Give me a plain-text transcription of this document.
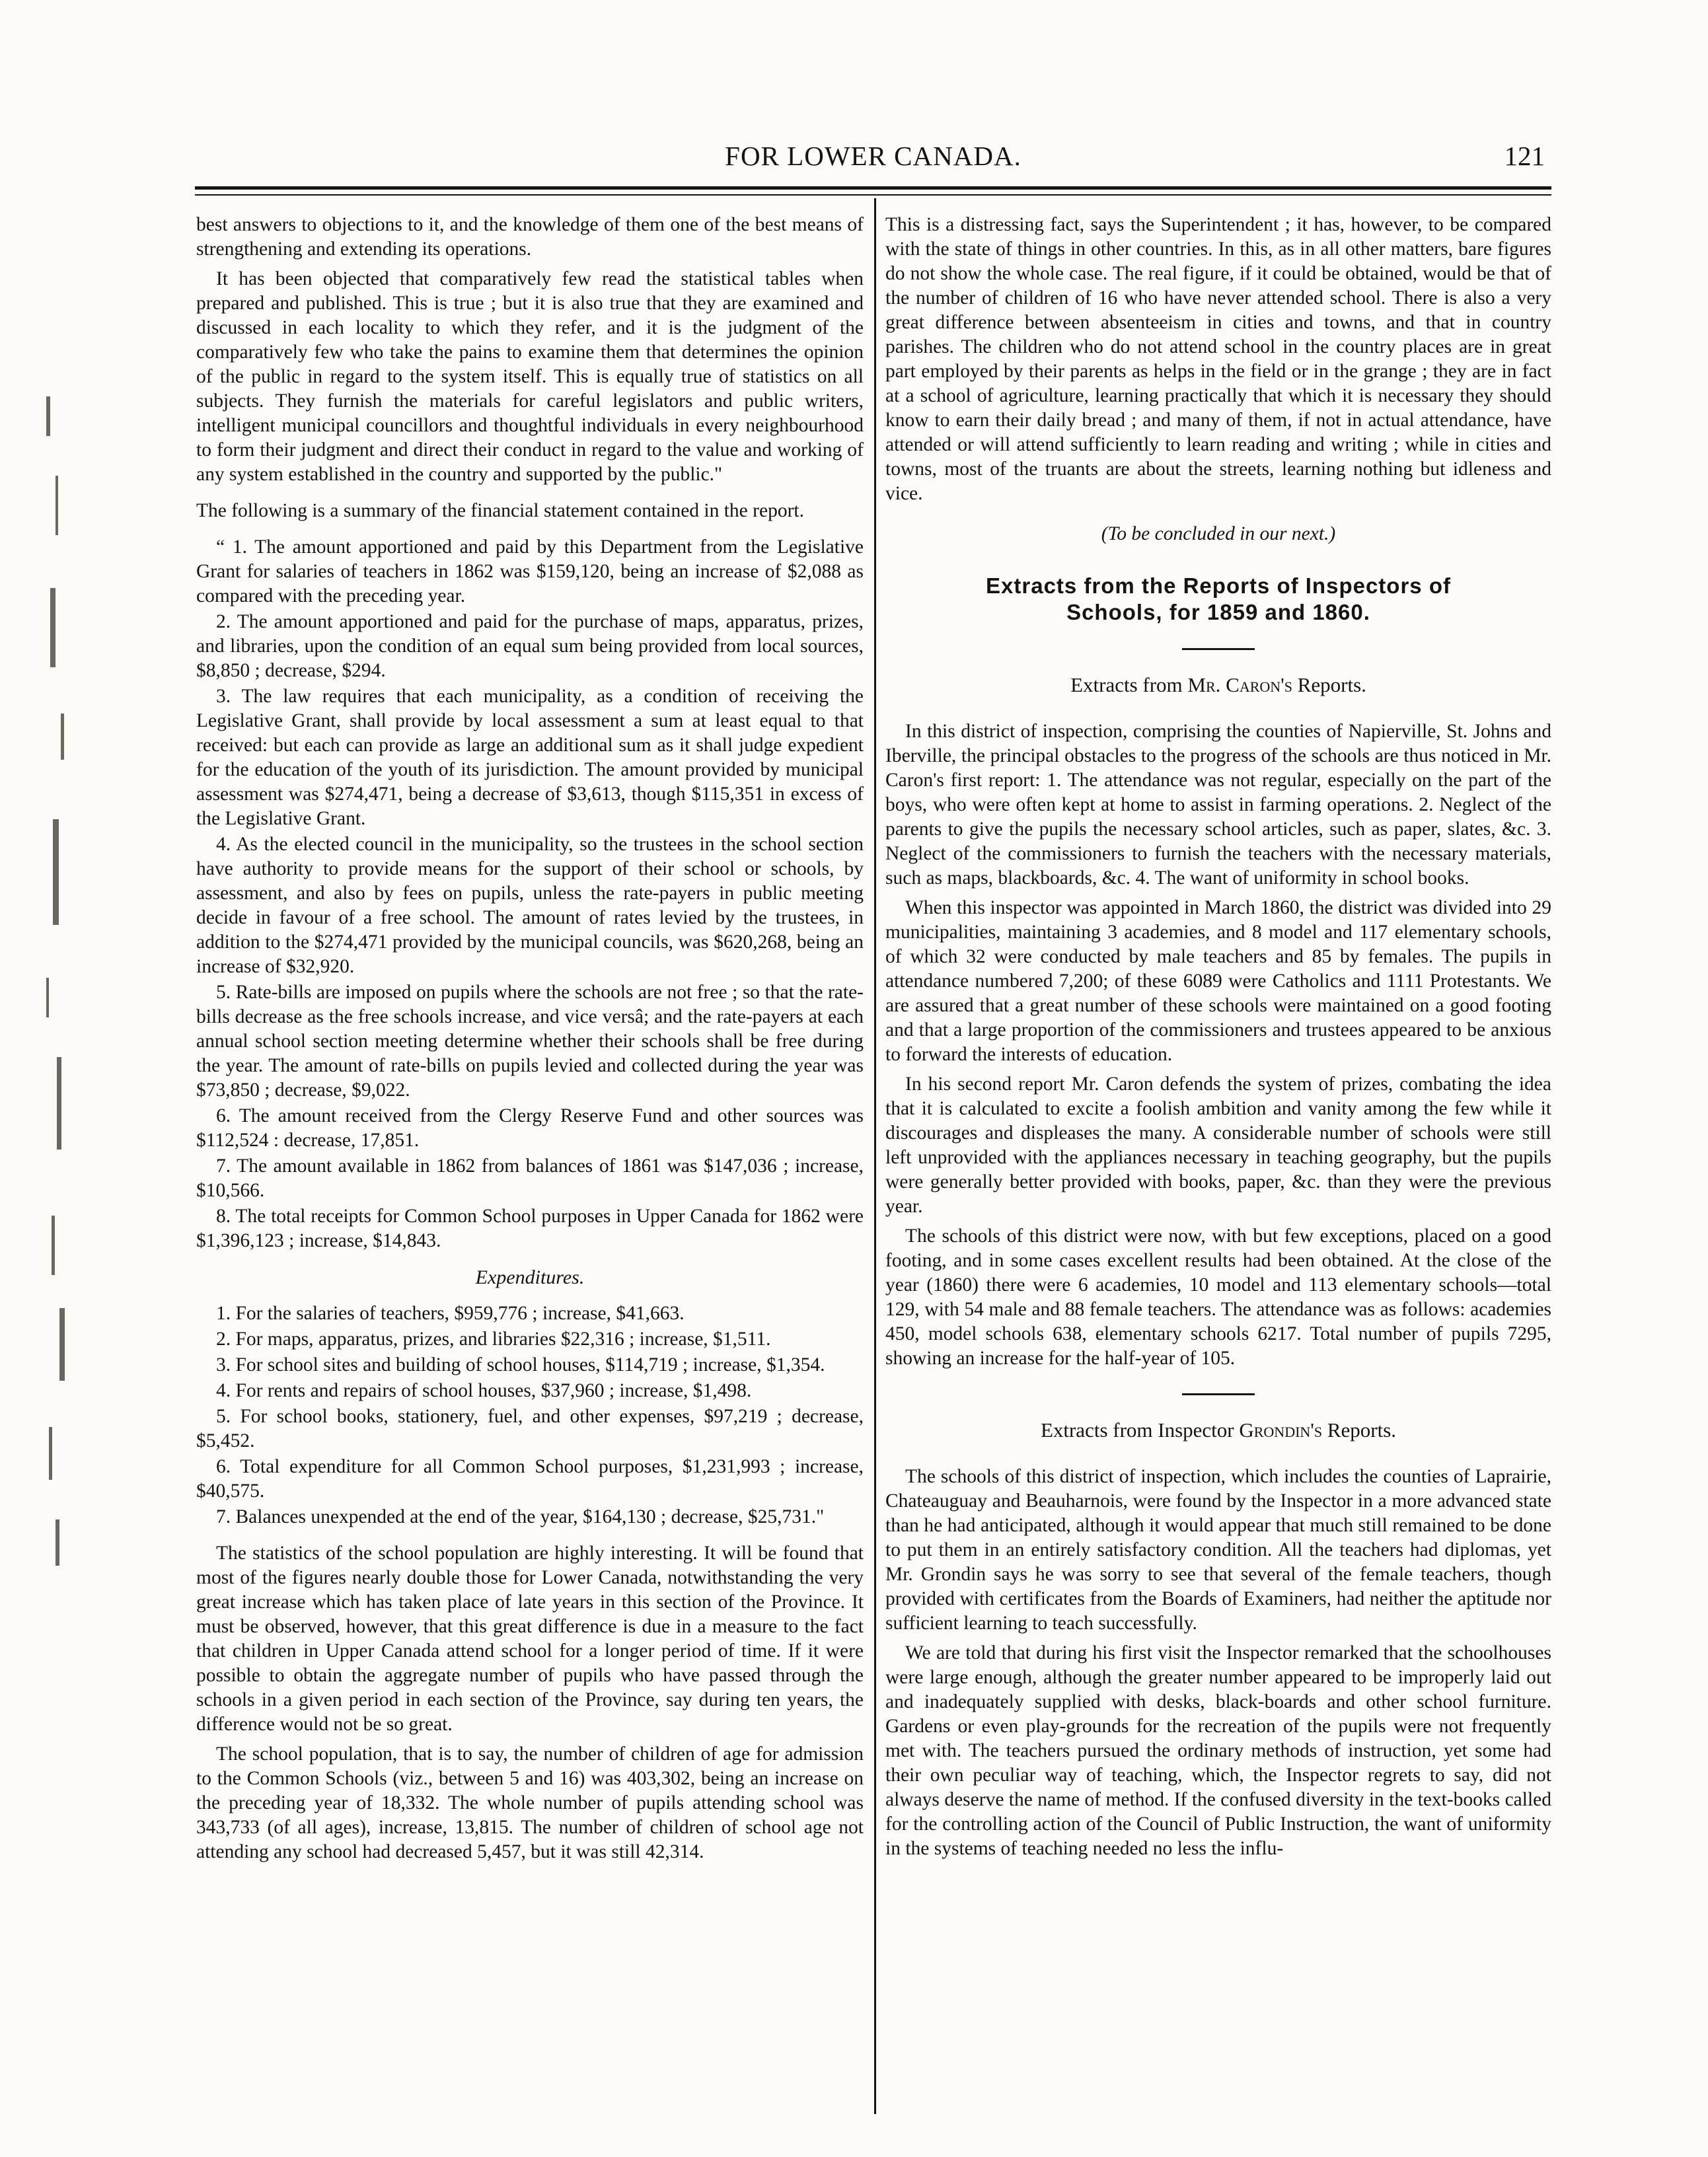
FOR LOWER CANADA.	121

best answers to objections to it, and the knowledge of them one of the best means of strengthening and extending its operations.

It has been objected that comparatively few read the statistical tables when prepared and published. This is true ; but it is also true that they are examined and discussed in each locality to which they refer, and it is the judgment of the comparatively few who take the pains to examine them that determines the opinion of the public in regard to the system itself. This is equally true of statistics on all subjects. They furnish the materials for careful legislators and public writers, intelligent municipal councillors and thoughtful individuals in every neighbourhood to form their judgment and direct their conduct in regard to the value and working of any system established in the country and supported by the public."

The following is a summary of the financial statement contained in the report.

“ 1. The amount apportioned and paid by this Department from the Legislative Grant for salaries of teachers in 1862 was $159,120, being an increase of $2,088 as compared with the preceding year.

2. The amount apportioned and paid for the purchase of maps, apparatus, prizes, and libraries, upon the condition of an equal sum being provided from local sources, $8,850 ; decrease, $294.

3. The law requires that each municipality, as a condition of receiving the Legislative Grant, shall provide by local assessment a sum at least equal to that received: but each can provide as large an additional sum as it shall judge expedient for the education of the youth of its jurisdiction. The amount provided by municipal assessment was $274,471, being a decrease of $3,613, though $115,351 in excess of the Legislative Grant.

4. As the elected council in the municipality, so the trustees in the school section have authority to provide means for the support of their school or schools, by assessment, and also by fees on pupils, unless the rate-payers in public meeting decide in favour of a free school. The amount of rates levied by the trustees, in addition to the $274,471 provided by the municipal councils, was $620,268, being an increase of $32,920.

5. Rate-bills are imposed on pupils where the schools are not free ; so that the rate-bills decrease as the free schools increase, and vice versâ; and the rate-payers at each annual school section meeting determine whether their schools shall be free during the year. The amount of rate-bills on pupils levied and collected during the year was $73,850 ; decrease, $9,022.

6. The amount received from the Clergy Reserve Fund and other sources was $112,524 : decrease, 17,851.

7. The amount available in 1862 from balances of 1861 was $147,036 ; increase, $10,566.

8. The total receipts for Common School purposes in Upper Canada for 1862 were $1,396,123 ; increase, $14,843.

Expenditures.

1. For the salaries of teachers, $959,776 ; increase, $41,663.

2. For maps, apparatus, prizes, and libraries $22,316 ; increase, $1,511.

3. For school sites and building of school houses, $114,719 ; increase, $1,354.

4. For rents and repairs of school houses, $37,960 ; increase, $1,498.

5. For school books, stationery, fuel, and other expenses, $97,219 ; decrease, $5,452.

6. Total expenditure for all Common School purposes, $1,231,993 ; increase, $40,575.

7. Balances unexpended at the end of the year, $164,130 ; decrease, $25,731."

The statistics of the school population are highly interesting. It will be found that most of the figures nearly double those for Lower Canada, notwithstanding the very great increase which has taken place of late years in this section of the Province. It must be observed, however, that this great difference is due in a measure to the fact that children in Upper Canada attend school for a longer period of time. If it were possible to obtain the aggregate number of pupils who have passed through the schools in a given period in each section of the Province, say during ten years, the difference would not be so great.

The school population, that is to say, the number of children of age for admission to the Common Schools (viz., between 5 and 16) was 403,302, being an increase on the preceding year of 18,332. The whole number of pupils attending school was 343,733 (of all ages), increase, 13,815. The number of children of school age not attending any school had decreased 5,457, but it was still 42,314.

This is a distressing fact, says the Superintendent ; it has, however, to be compared with the state of things in other countries. In this, as in all other matters, bare figures do not show the whole case. The real figure, if it could be obtained, would be that of the number of children of 16 who have never attended school. There is also a very great difference between absenteeism in cities and towns, and that in country parishes. The children who do not attend school in the country places are in great part employed by their parents as helps in the field or in the grange ; they are in fact at a school of agriculture, learning practically that which it is necessary they should know to earn their daily bread ; and many of them, if not in actual attendance, have attended or will attend sufficiently to learn reading and writing ; while in cities and towns, most of the truants are about the streets, learning nothing but idleness and vice.

(To be concluded in our next.)

Extracts from the Reports of Inspectors of
Schools, for 1859 and 1860.

Extracts from Mr. Caron's Reports.

In this district of inspection, comprising the counties of Napierville, St. Johns and Iberville, the principal obstacles to the progress of the schools are thus noticed in Mr. Caron's first report: 1. The attendance was not regular, especially on the part of the boys, who were often kept at home to assist in farming operations. 2. Neglect of the parents to give the pupils the necessary school articles, such as paper, slates, &c. 3. Neglect of the commissioners to furnish the teachers with the necessary materials, such as maps, blackboards, &c. 4. The want of uniformity in school books.

When this inspector was appointed in March 1860, the district was divided into 29 municipalities, maintaining 3 academies, and 8 model and 117 elementary schools, of which 32 were conducted by male teachers and 85 by females. The pupils in attendance numbered 7,200; of these 6089 were Catholics and 1111 Protestants. We are assured that a great number of these schools were maintained on a good footing and that a large proportion of the commissioners and trustees appeared to be anxious to forward the interests of education.

In his second report Mr. Caron defends the system of prizes, combating the idea that it is calculated to excite a foolish ambition and vanity among the few while it discourages and displeases the many. A considerable number of schools were still left unprovided with the appliances necessary in teaching geography, but the pupils were generally better provided with books, paper, &c. than they were the previous year.

The schools of this district were now, with but few exceptions, placed on a good footing, and in some cases excellent results had been obtained. At the close of the year (1860) there were 6 academies, 10 model and 113 elementary schools—total 129, with 54 male and 88 female teachers. The attendance was as follows: academies 450, model schools 638, elementary schools 6217. Total number of pupils 7295, showing an increase for the half-year of 105.

Extracts from Inspector Grondin's Reports.

The schools of this district of inspection, which includes the counties of Laprairie, Chateauguay and Beauharnois, were found by the Inspector in a more advanced state than he had anticipated, although it would appear that much still remained to be done to put them in an entirely satisfactory condition. All the teachers had diplomas, yet Mr. Grondin says he was sorry to see that several of the female teachers, though provided with certificates from the Boards of Examiners, had neither the aptitude nor sufficient learning to teach successfully.

We are told that during his first visit the Inspector remarked that the schoolhouses were large enough, although the greater number appeared to be improperly laid out and inadequately supplied with desks, black-boards and other school furniture. Gardens or even play-grounds for the recreation of the pupils were not frequently met with. The teachers pursued the ordinary methods of instruction, yet some had their own peculiar way of teaching, which, the Inspector regrets to say, did not always deserve the name of method. If the confused diversity in the text-books called for the controlling action of the Council of Public Instruction, the want of uniformity in the systems of teaching needed no less the influ-
